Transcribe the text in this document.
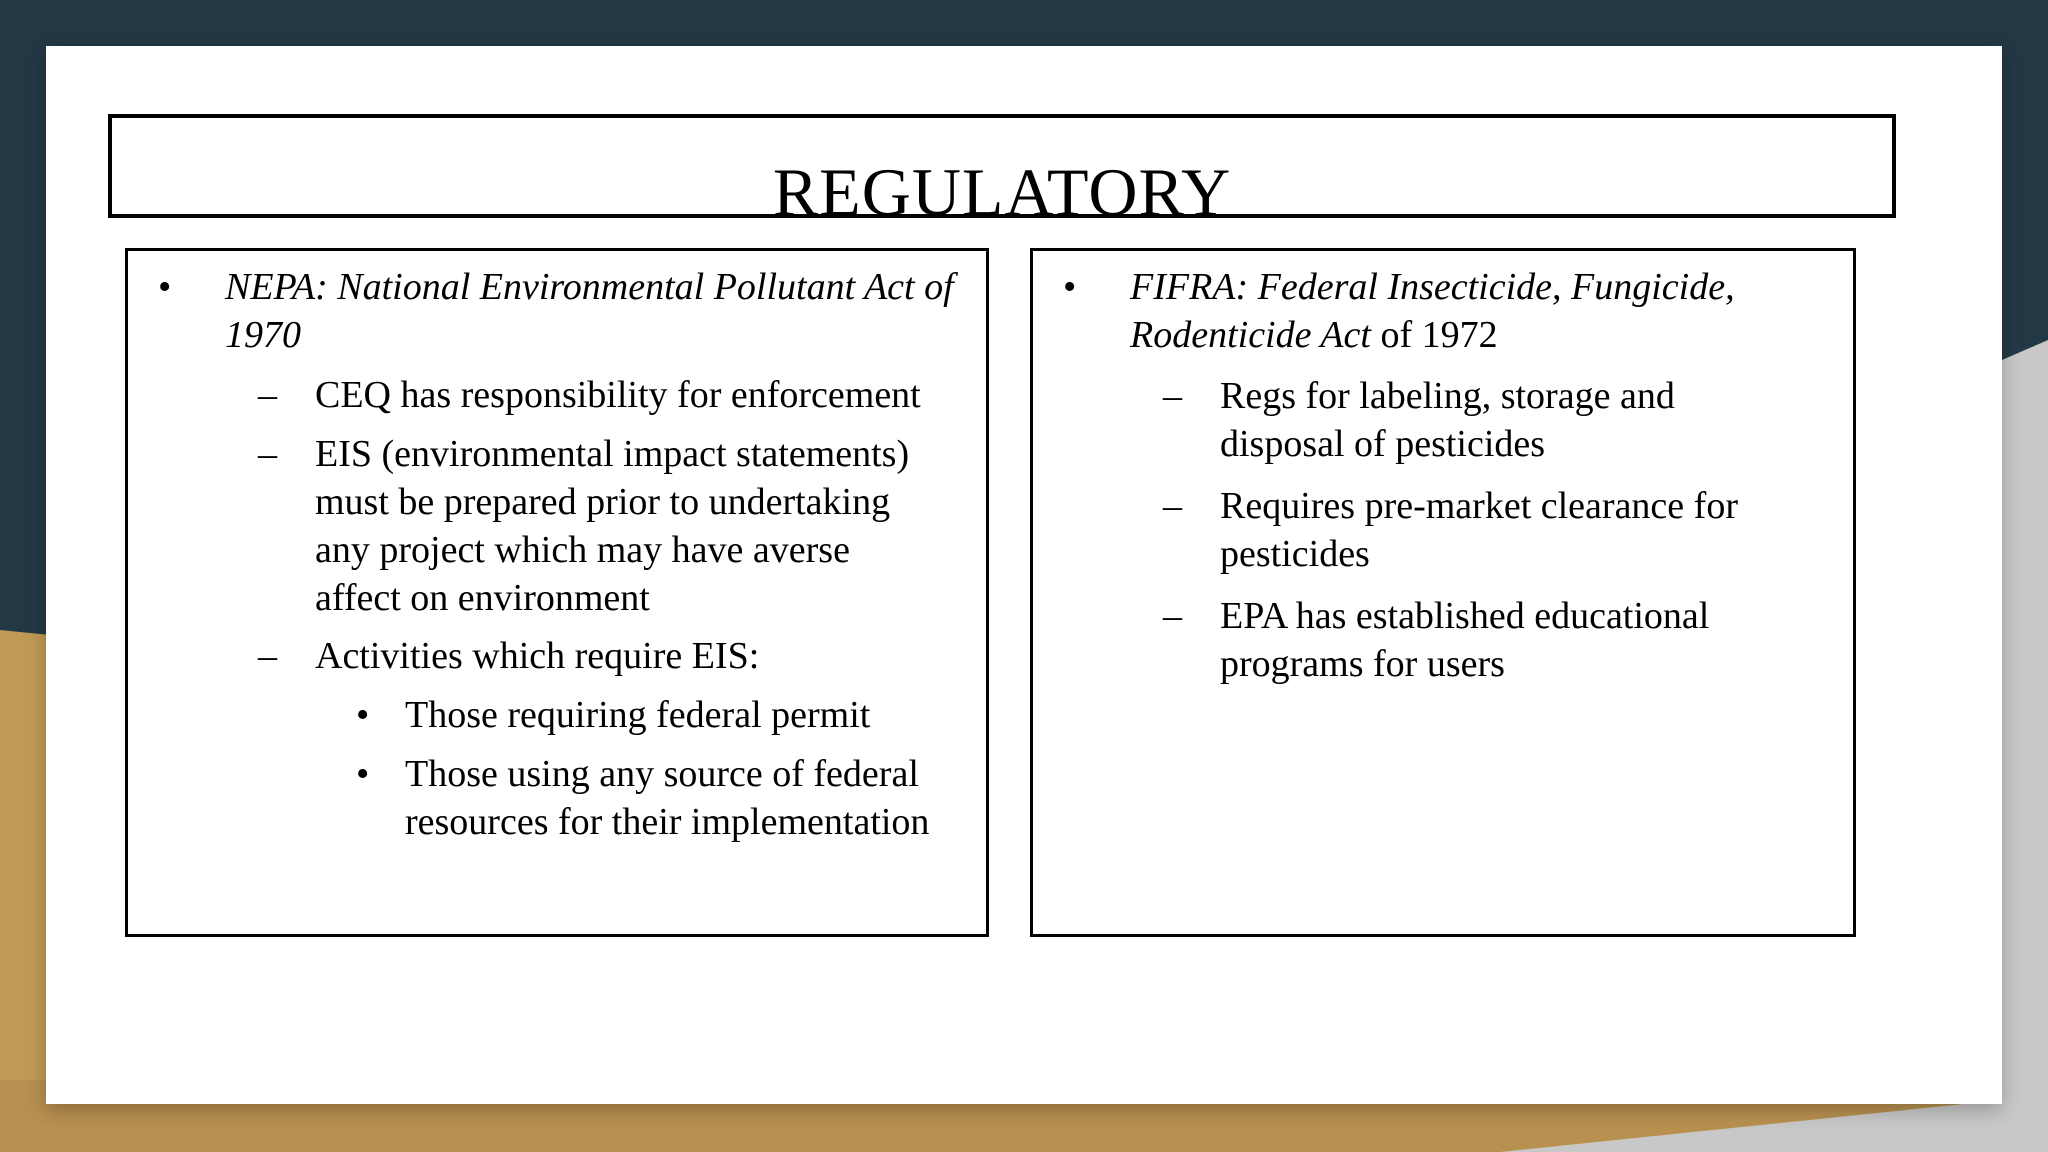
REGULATORY
• NEPA: National Environmental Pollutant Act of 1970
– CEQ has responsibility for enforcement
– EIS (environmental impact statements) must be prepared prior to undertaking any project which may have averse affect on environment
– Activities which require EIS:
• Those requiring federal permit
• Those using any source of federal resources for their implementation
• FIFRA: Federal Insecticide, Fungicide, Rodenticide Act of 1972
– Regs for labeling, storage and disposal of pesticides
– Requires pre-market clearance for pesticides
– EPA has established educational programs for users
